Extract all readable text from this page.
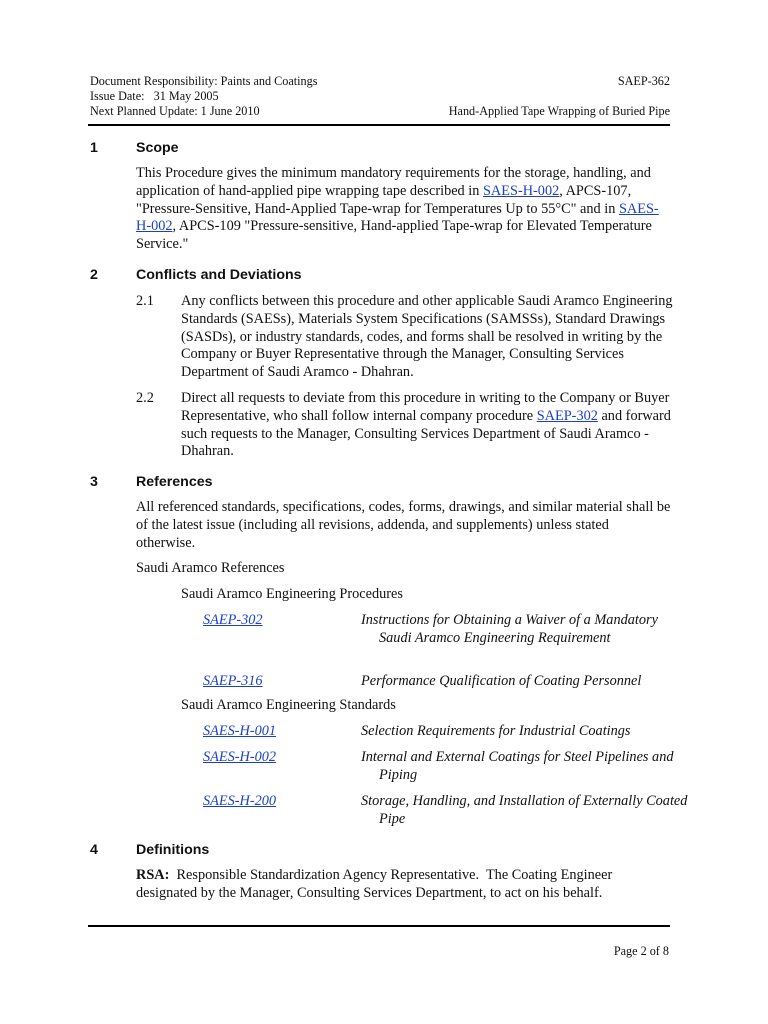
Document Responsibility: Paints and Coatings	SAEP-362
Issue Date:   31 May 2005
Next Planned Update: 1 June 2010	Hand-Applied Tape Wrapping of Buried Pipe
1	Scope
This Procedure gives the minimum mandatory requirements for the storage, handling, and application of hand-applied pipe wrapping tape described in SAES-H-002, APCS-107, "Pressure-Sensitive, Hand-Applied Tape-wrap for Temperatures Up to 55°C" and in SAES-H-002, APCS-109 "Pressure-sensitive, Hand-applied Tape-wrap for Elevated Temperature Service."
2	Conflicts and Deviations
2.1 Any conflicts between this procedure and other applicable Saudi Aramco Engineering Standards (SAESs), Materials System Specifications (SAMSSs), Standard Drawings (SASDs), or industry standards, codes, and forms shall be resolved in writing by the Company or Buyer Representative through the Manager, Consulting Services Department of Saudi Aramco - Dhahran.
2.2 Direct all requests to deviate from this procedure in writing to the Company or Buyer Representative, who shall follow internal company procedure SAEP-302 and forward such requests to the Manager, Consulting Services Department of Saudi Aramco - Dhahran.
3	References
All referenced standards, specifications, codes, forms, drawings, and similar material shall be of the latest issue (including all revisions, addenda, and supplements) unless stated otherwise.
Saudi Aramco References
Saudi Aramco Engineering Procedures
SAEP-302	Instructions for Obtaining a Waiver of a Mandatory Saudi Aramco Engineering Requirement
SAEP-316	Performance Qualification of Coating Personnel
Saudi Aramco Engineering Standards
SAES-H-001	Selection Requirements for Industrial Coatings
SAES-H-002	Internal and External Coatings for Steel Pipelines and Piping
SAES-H-200	Storage, Handling, and Installation of Externally Coated Pipe
4	Definitions
RSA:  Responsible Standardization Agency Representative.  The Coating Engineer designated by the Manager, Consulting Services Department, to act on his behalf.
Page 2 of 8
